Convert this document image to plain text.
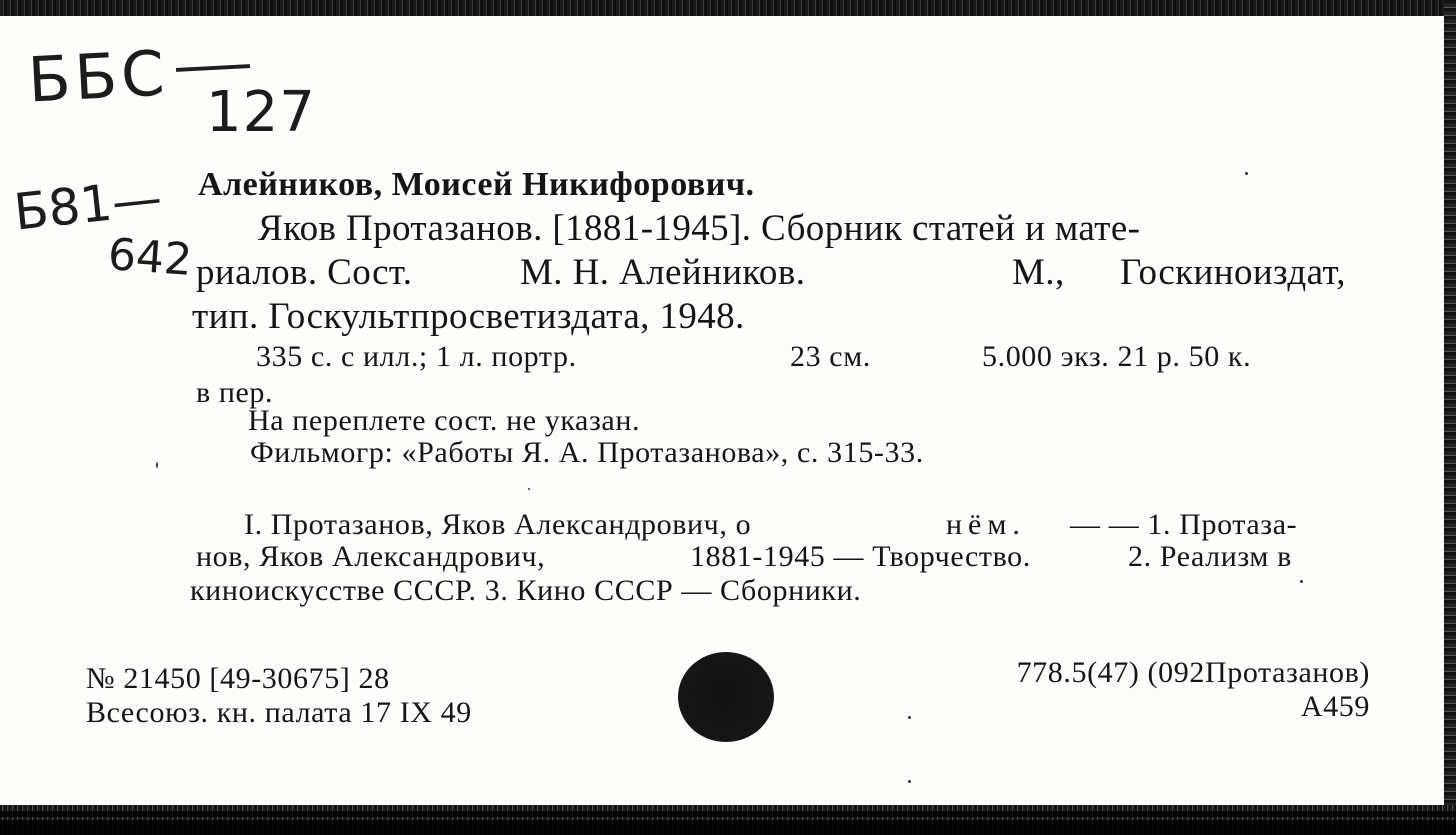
ББС 127
Б81—
642
Алейников, Моисей Никифорович.
Яков Протазанов. [1881-1945]. Сборник статей и мате-
риалов. Сост.	М. Н. Алейников.	М., Госкиноиздат,
тип. Госкультпросветиздата, 1948.
335 с. с илл.; 1 л. портр.	23 см.	5.000 экз. 21 р. 50 к.
в пер.
На переплете сост. не указан.
Фильмогр: «Работы Я. А. Протазанова», с. 315-33.
I. Протазанов, Яков Александрович, о	нём. — — 1. Протаза-
нов, Яков Александрович,	1881-1945 — Творчество.	2. Реализм в
киноискусстве СССР. 3. Кино СССР — Сборники.
№ 21450 [49-30675] 28
Всесоюз. кн. палата 17 IX 49
778.5(47) (092Протазанов)
А459
